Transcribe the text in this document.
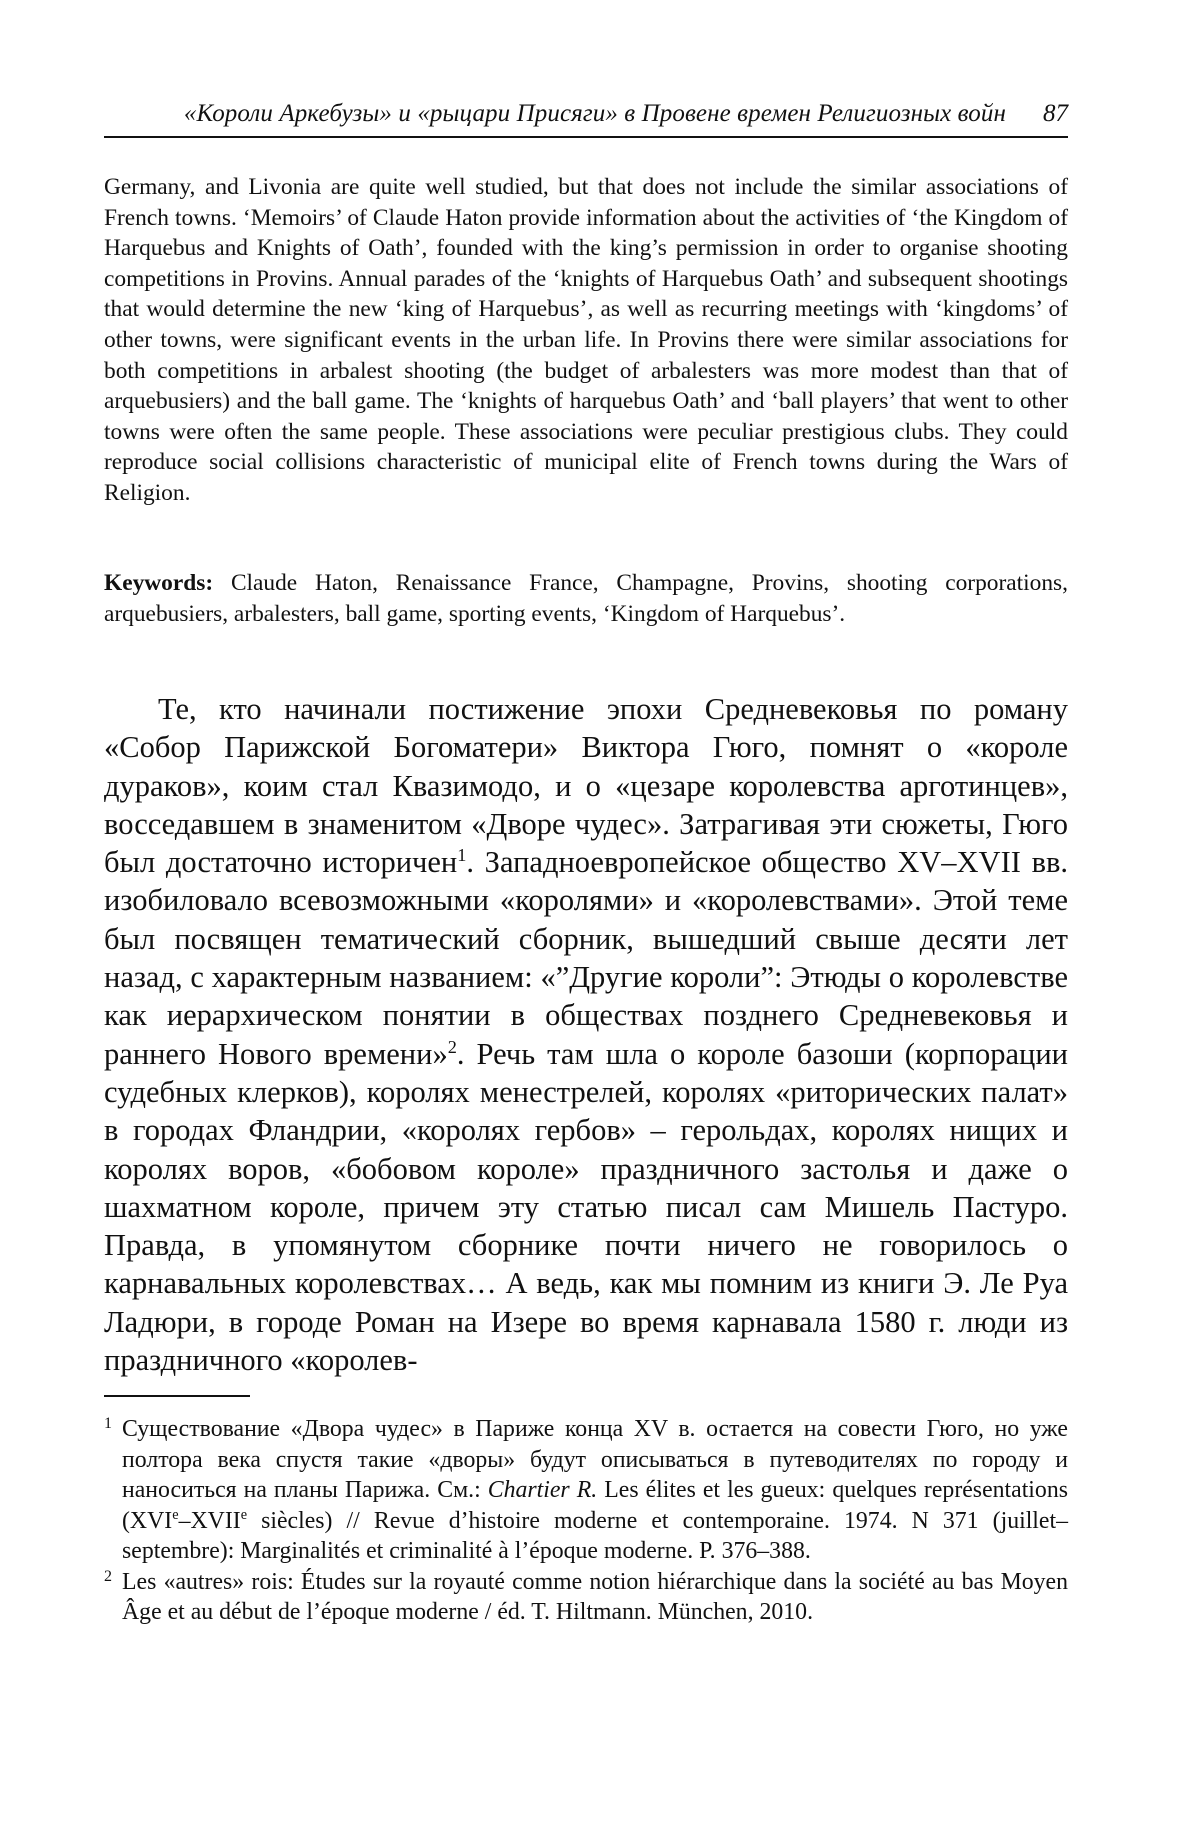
«Короли Аркебузы» и «рыцари Присяги» в Провене времен Религиозных войн 87
Germany, and Livonia are quite well studied, but that does not include the similar associations of French towns. ‘Memoirs’ of Claude Haton provide information about the activities of ‘the Kingdom of Harquebus and Knights of Oath’, founded with the king’s permission in order to organise shooting competitions in Provins. Annual parades of the ‘knights of Harquebus Oath’ and subsequent shootings that would determine the new ‘king of Harquebus’, as well as recurring meetings with ‘kingdoms’ of other towns, were significant events in the urban life. In Provins there were similar associations for both competitions in arbalest shooting (the budget of arbalesters was more modest than that of arquebusiers) and the ball game. The ‘knights of harquebus Oath’ and ‘ball players’ that went to other towns were often the same people. These associations were peculiar prestigious clubs. They could reproduce social collisions characteristic of municipal elite of French towns during the Wars of Religion.
Keywords: Claude Haton, Renaissance France, Champagne, Provins, shooting corporations, arquebusiers, arbalesters, ball game, sporting events, ‘Kingdom of Harquebus’.
Те, кто начинали постижение эпохи Средневековья по роману «Собор Парижской Богоматери» Виктора Гюго, помнят о «короле дураков», коим стал Квазимодо, и о «цезаре королевства арготинцев», восседавшем в знаменитом «Дворе чудес». Затрагивая эти сюжеты, Гюго был достаточно историчен$^1$. Западноевропейское общество XV–XVII вв. изобиловало всевозможными «королями» и «королевствами». Этой теме был посвящен тематический сборник, вышедший свыше десяти лет назад, с характерным названием: «”Другие короли”: Этюды о королевстве как иерархическом понятии в обществах позднего Средневековья и раннего Нового времени»$^2$. Речь там шла о короле базоши (корпорации судебных клерков), королях менестрелей, королях «риторических палат» в городах Фландрии, «королях гербов» – герольдах, королях нищих и королях воров, «бобовом короле» праздничного застолья и даже о шахматном короле, причем эту статью писал сам Мишель Пастуро. Правда, в упомянутом сборнике почти ничего не говорилось о карнавальных королевствах… А ведь, как мы помним из книги Э. Ле Руа Ладюри, в городе Роман на Изере во время карнавала 1580 г. люди из праздничного «королев-
1 Существование «Двора чудес» в Париже конца XV в. остается на совести Гюго, но уже полтора века спустя такие «дворы» будут описываться в путеводителях по городу и наноситься на планы Парижа. См.: Chartier R. Les élites et les gueux: quelques représentations (XVIe–XVIIe siècles) // Revue d’histoire moderne et contemporaine. 1974. N 371 (juillet–septembre): Marginalités et criminalité à l’époque moderne. P. 376–388.
2 Les «autres» rois: Études sur la royauté comme notion hiérarchique dans la société au bas Moyen Âge et au début de l’époque moderne / éd. T. Hiltmann. München, 2010.
